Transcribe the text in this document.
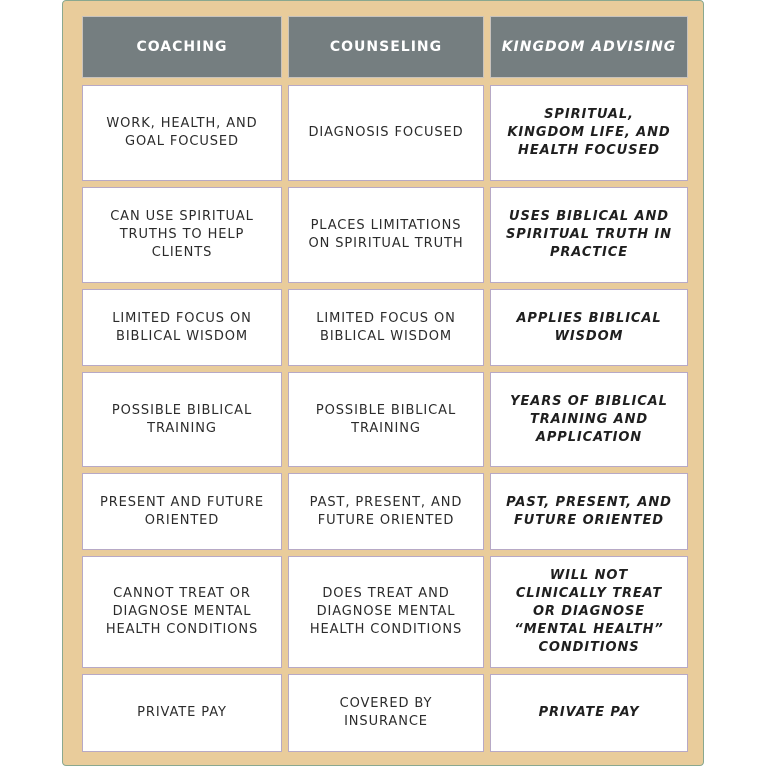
COACHING	COUNSELING	KINGDOM ADVISING
WORK, HEALTH, AND GOAL FOCUSED
DIAGNOSIS FOCUSED
SPIRITUAL, KINGDOM LIFE, AND HEALTH FOCUSED
CAN USE SPIRITUAL TRUTHS TO HELP CLIENTS
PLACES LIMITATIONS ON SPIRITUAL TRUTH
USES BIBLICAL AND SPIRITUAL TRUTH IN PRACTICE
LIMITED FOCUS ON BIBLICAL WISDOM
LIMITED FOCUS ON BIBLICAL WISDOM
APPLIES BIBLICAL WISDOM
POSSIBLE BIBLICAL TRAINING
POSSIBLE BIBLICAL TRAINING
YEARS OF BIBLICAL TRAINING AND APPLICATION
PRESENT AND FUTURE ORIENTED
PAST, PRESENT, AND FUTURE ORIENTED
PAST, PRESENT, AND FUTURE ORIENTED
CANNOT TREAT OR DIAGNOSE MENTAL HEALTH CONDITIONS
DOES TREAT AND DIAGNOSE MENTAL HEALTH CONDITIONS
WILL NOT CLINICALLY TREAT OR DIAGNOSE “MENTAL HEALTH” CONDITIONS
PRIVATE PAY
COVERED BY INSURANCE
PRIVATE PAY
